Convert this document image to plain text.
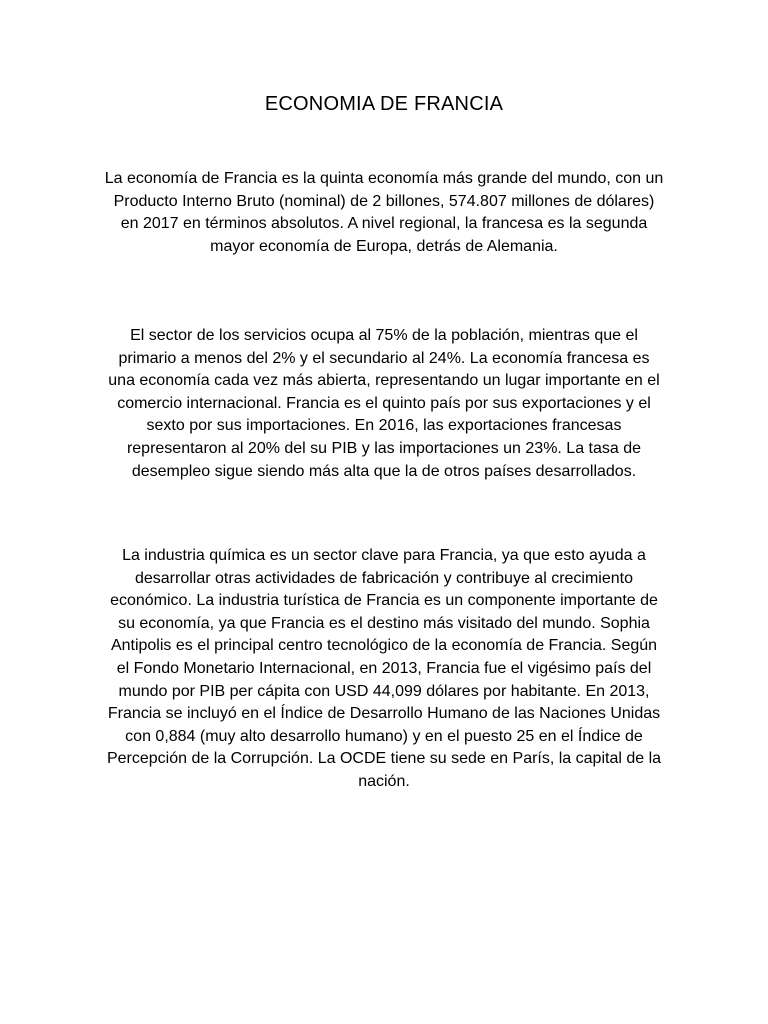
ECONOMIA DE FRANCIA

La economía de Francia es la quinta economía más grande del mundo, con un Producto Interno Bruto (nominal) de 2 billones, 574.807 millones de dólares) en 2017 en términos absolutos. A nivel regional, la francesa es la segunda mayor economía de Europa, detrás de Alemania.

El sector de los servicios ocupa al 75% de la población, mientras que el primario a menos del 2% y el secundario al 24%. La economía francesa es una economía cada vez más abierta, representando un lugar importante en el comercio internacional. Francia es el quinto país por sus exportaciones y el sexto por sus importaciones. En 2016, las exportaciones francesas representaron al 20% del su PIB y las importaciones un 23%. La tasa de desempleo sigue siendo más alta que la de otros países desarrollados.

La industria química es un sector clave para Francia, ya que esto ayuda a desarrollar otras actividades de fabricación y contribuye al crecimiento económico. La industria turística de Francia es un componente importante de su economía, ya que Francia es el destino más visitado del mundo. Sophia Antipolis es el principal centro tecnológico de la economía de Francia. Según el Fondo Monetario Internacional, en 2013, Francia fue el vigésimo país del mundo por PIB per cápita con USD 44,099 dólares por habitante. En 2013, Francia se incluyó en el Índice de Desarrollo Humano de las Naciones Unidas con 0,884 (muy alto desarrollo humano) y en el puesto 25 en el Índice de Percepción de la Corrupción. La OCDE tiene su sede en París, la capital de la nación.
